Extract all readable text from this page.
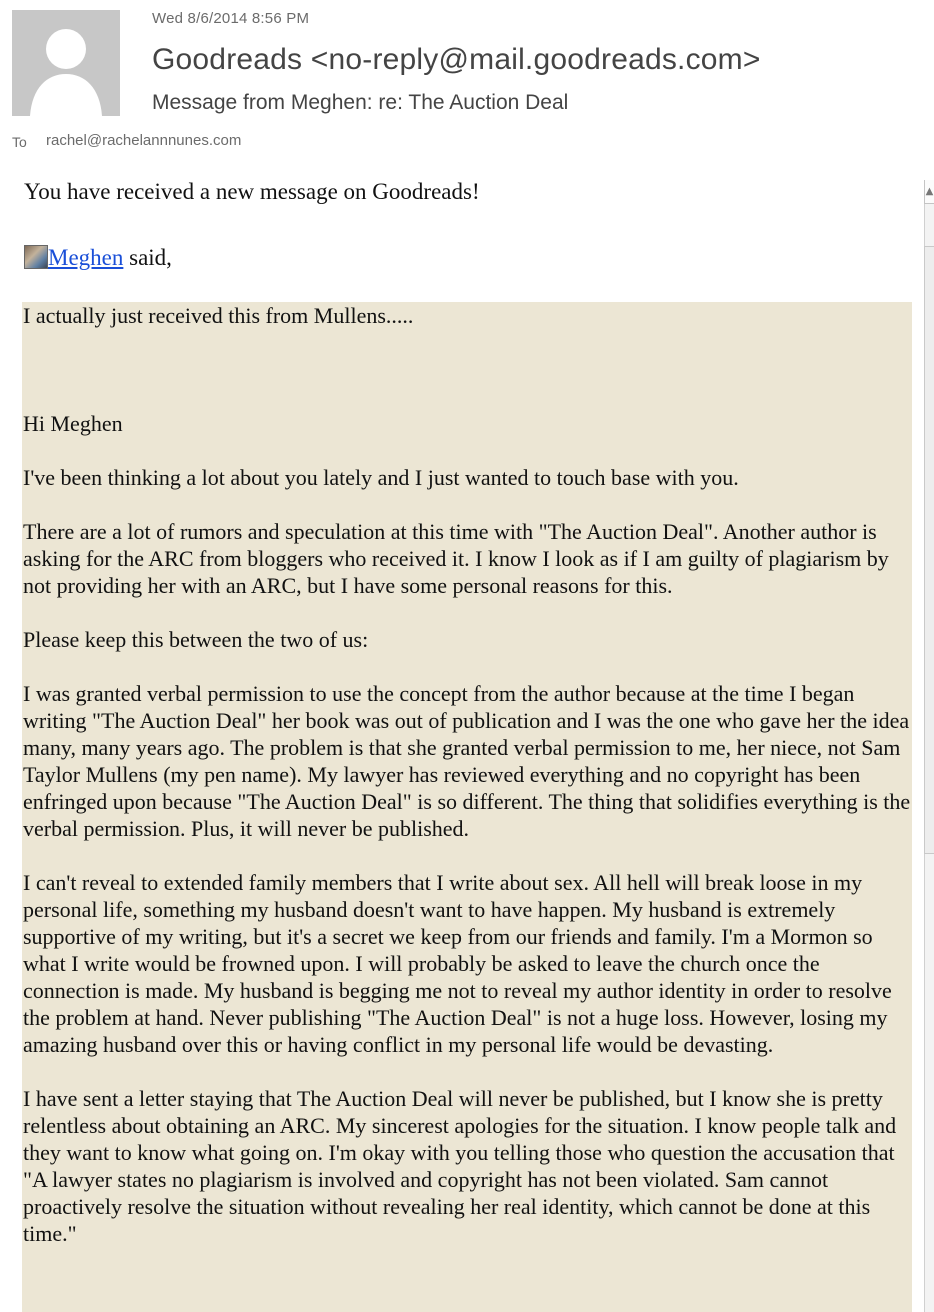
Wed 8/6/2014 8:56 PM
Goodreads <no-reply@mail.goodreads.com>
Message from Meghen: re: The Auction Deal
To rachel@rachelannnunes.com
You have received a new message on Goodreads!
Meghen said,

I actually just received this from Mullens.....

Hi Meghen

I've been thinking a lot about you lately and I just wanted to touch base with you.

There are a lot of rumors and speculation at this time with "The Auction Deal". Another author is asking for the ARC from bloggers who received it. I know I look as if I am guilty of plagiarism by not providing her with an ARC, but I have some personal reasons for this.

Please keep this between the two of us:

I was granted verbal permission to use the concept from the author because at the time I began writing "The Auction Deal" her book was out of publication and I was the one who gave her the idea many, many years ago. The problem is that she granted verbal permission to me, her niece, not Sam Taylor Mullens (my pen name). My lawyer has reviewed everything and no copyright has been enfringed upon because "The Auction Deal" is so different. The thing that solidifies everything is the verbal permission. Plus, it will never be published.

I can't reveal to extended family members that I write about sex. All hell will break loose in my personal life, something my husband doesn't want to have happen. My husband is extremely supportive of my writing, but it's a secret we keep from our friends and family. I'm a Mormon so what I write would be frowned upon. I will probably be asked to leave the church once the connection is made. My husband is begging me not to reveal my author identity in order to resolve the problem at hand. Never publishing "The Auction Deal" is not a huge loss. However, losing my amazing husband over this or having conflict in my personal life would be devasting.

I have sent a letter staying that The Auction Deal will never be published, but I know she is pretty relentless about obtaining an ARC. My sincerest apologies for the situation. I know people talk and they want to know what going on. I'm okay with you telling those who question the accusation that "A lawyer states no plagiarism is involved and copyright has not been violated. Sam cannot proactively resolve the situation without revealing her real identity, which cannot be done at this time."

▲
